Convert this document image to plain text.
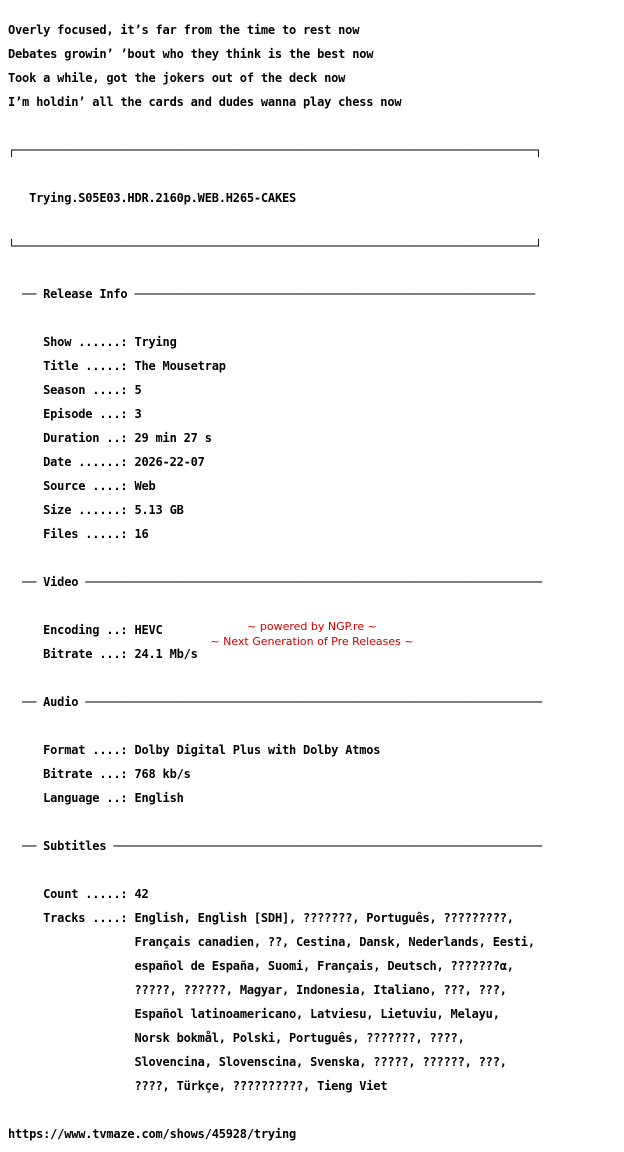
Overly focused, it’s far from the time to rest now

Debates growin’ ’bout who they think is the best now

Took a while, got the jokers out of the deck now

I’m holdin’ all the cards and dudes wanna play chess now

┌──────────────────────────────────────────────────────────────────────────┐

Trying.S05E03.HDR.2160p.WEB.H265-CAKES

└──────────────────────────────────────────────────────────────────────────┘

── Release Info ─────────────────────────────────────────────────────────

Show ......: Trying

Title .....: The Mousetrap

Season ....: 5

Episode ...: 3

Duration ..: 29 min 27 s

Date ......: 2026-22-07

Source ....: Web

Size ......: 5.13 GB

Files .....: 16

── Video ─────────────────────────────────────────────────────────────────

Encoding ..: HEVC

Bitrate ...: 24.1 Mb/s

── Audio ─────────────────────────────────────────────────────────────────

Format ....: Dolby Digital Plus with Dolby Atmos

Bitrate ...: 768 kb/s

Language ..: English

── Subtitles ─────────────────────────────────────────────────────────────

Count .....: 42

Tracks ....: English, English [SDH], ???????, Português, ?????????,

Français canadien, ??, Cestina, Dansk, Nederlands, Eesti,

español de España, Suomi, Français, Deutsch, ???????α,

?????, ??????, Magyar, Indonesia, Italiano, ???, ???,

Español latinoamericano, Latviesu, Lietuviu, Melayu,

Norsk bokmål, Polski, Português, ???????, ????,

Slovencina, Slovenscina, Svenska, ?????, ??????, ???,

????, Türkçe, ??????????, Tieng Viet

https://www.tvmaze.com/shows/45928/trying

~ powered by NGP.re ~
~ Next Generation of Pre Releases ~
